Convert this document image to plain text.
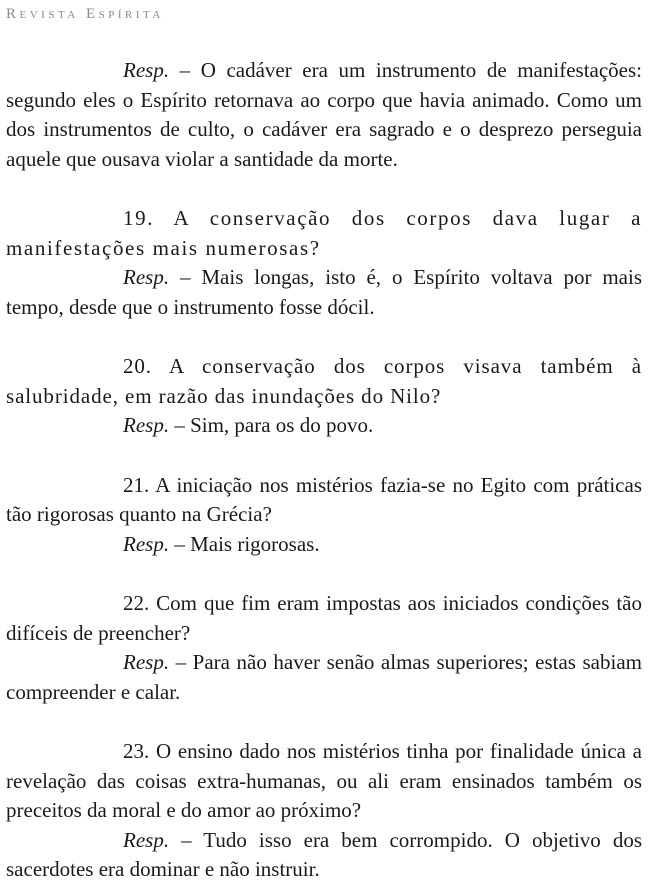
Revista Espírita

Resp. – O cadáver era um instrumento de manifestações: segundo eles o Espírito retornava ao corpo que havia animado. Como um dos instrumentos de culto, o cadáver era sagrado e o desprezo perseguia aquele que ousava violar a santidade da morte.

19. A conservação dos corpos dava lugar a manifestações mais numerosas?

Resp. – Mais longas, isto é, o Espírito voltava por mais tempo, desde que o instrumento fosse dócil.

20. A conservação dos corpos visava também à salubridade, em razão das inundações do Nilo?

Resp. – Sim, para os do povo.

21. A iniciação nos mistérios fazia-se no Egito com práticas tão rigorosas quanto na Grécia?

Resp. – Mais rigorosas.

22. Com que fim eram impostas aos iniciados condições tão difíceis de preencher?

Resp. – Para não haver senão almas superiores; estas sabiam compreender e calar.

23. O ensino dado nos mistérios tinha por finalidade única a revelação das coisas extra-humanas, ou ali eram ensinados também os preceitos da moral e do amor ao próximo?

Resp. – Tudo isso era bem corrompido. O objetivo dos sacerdotes era dominar e não instruir.
